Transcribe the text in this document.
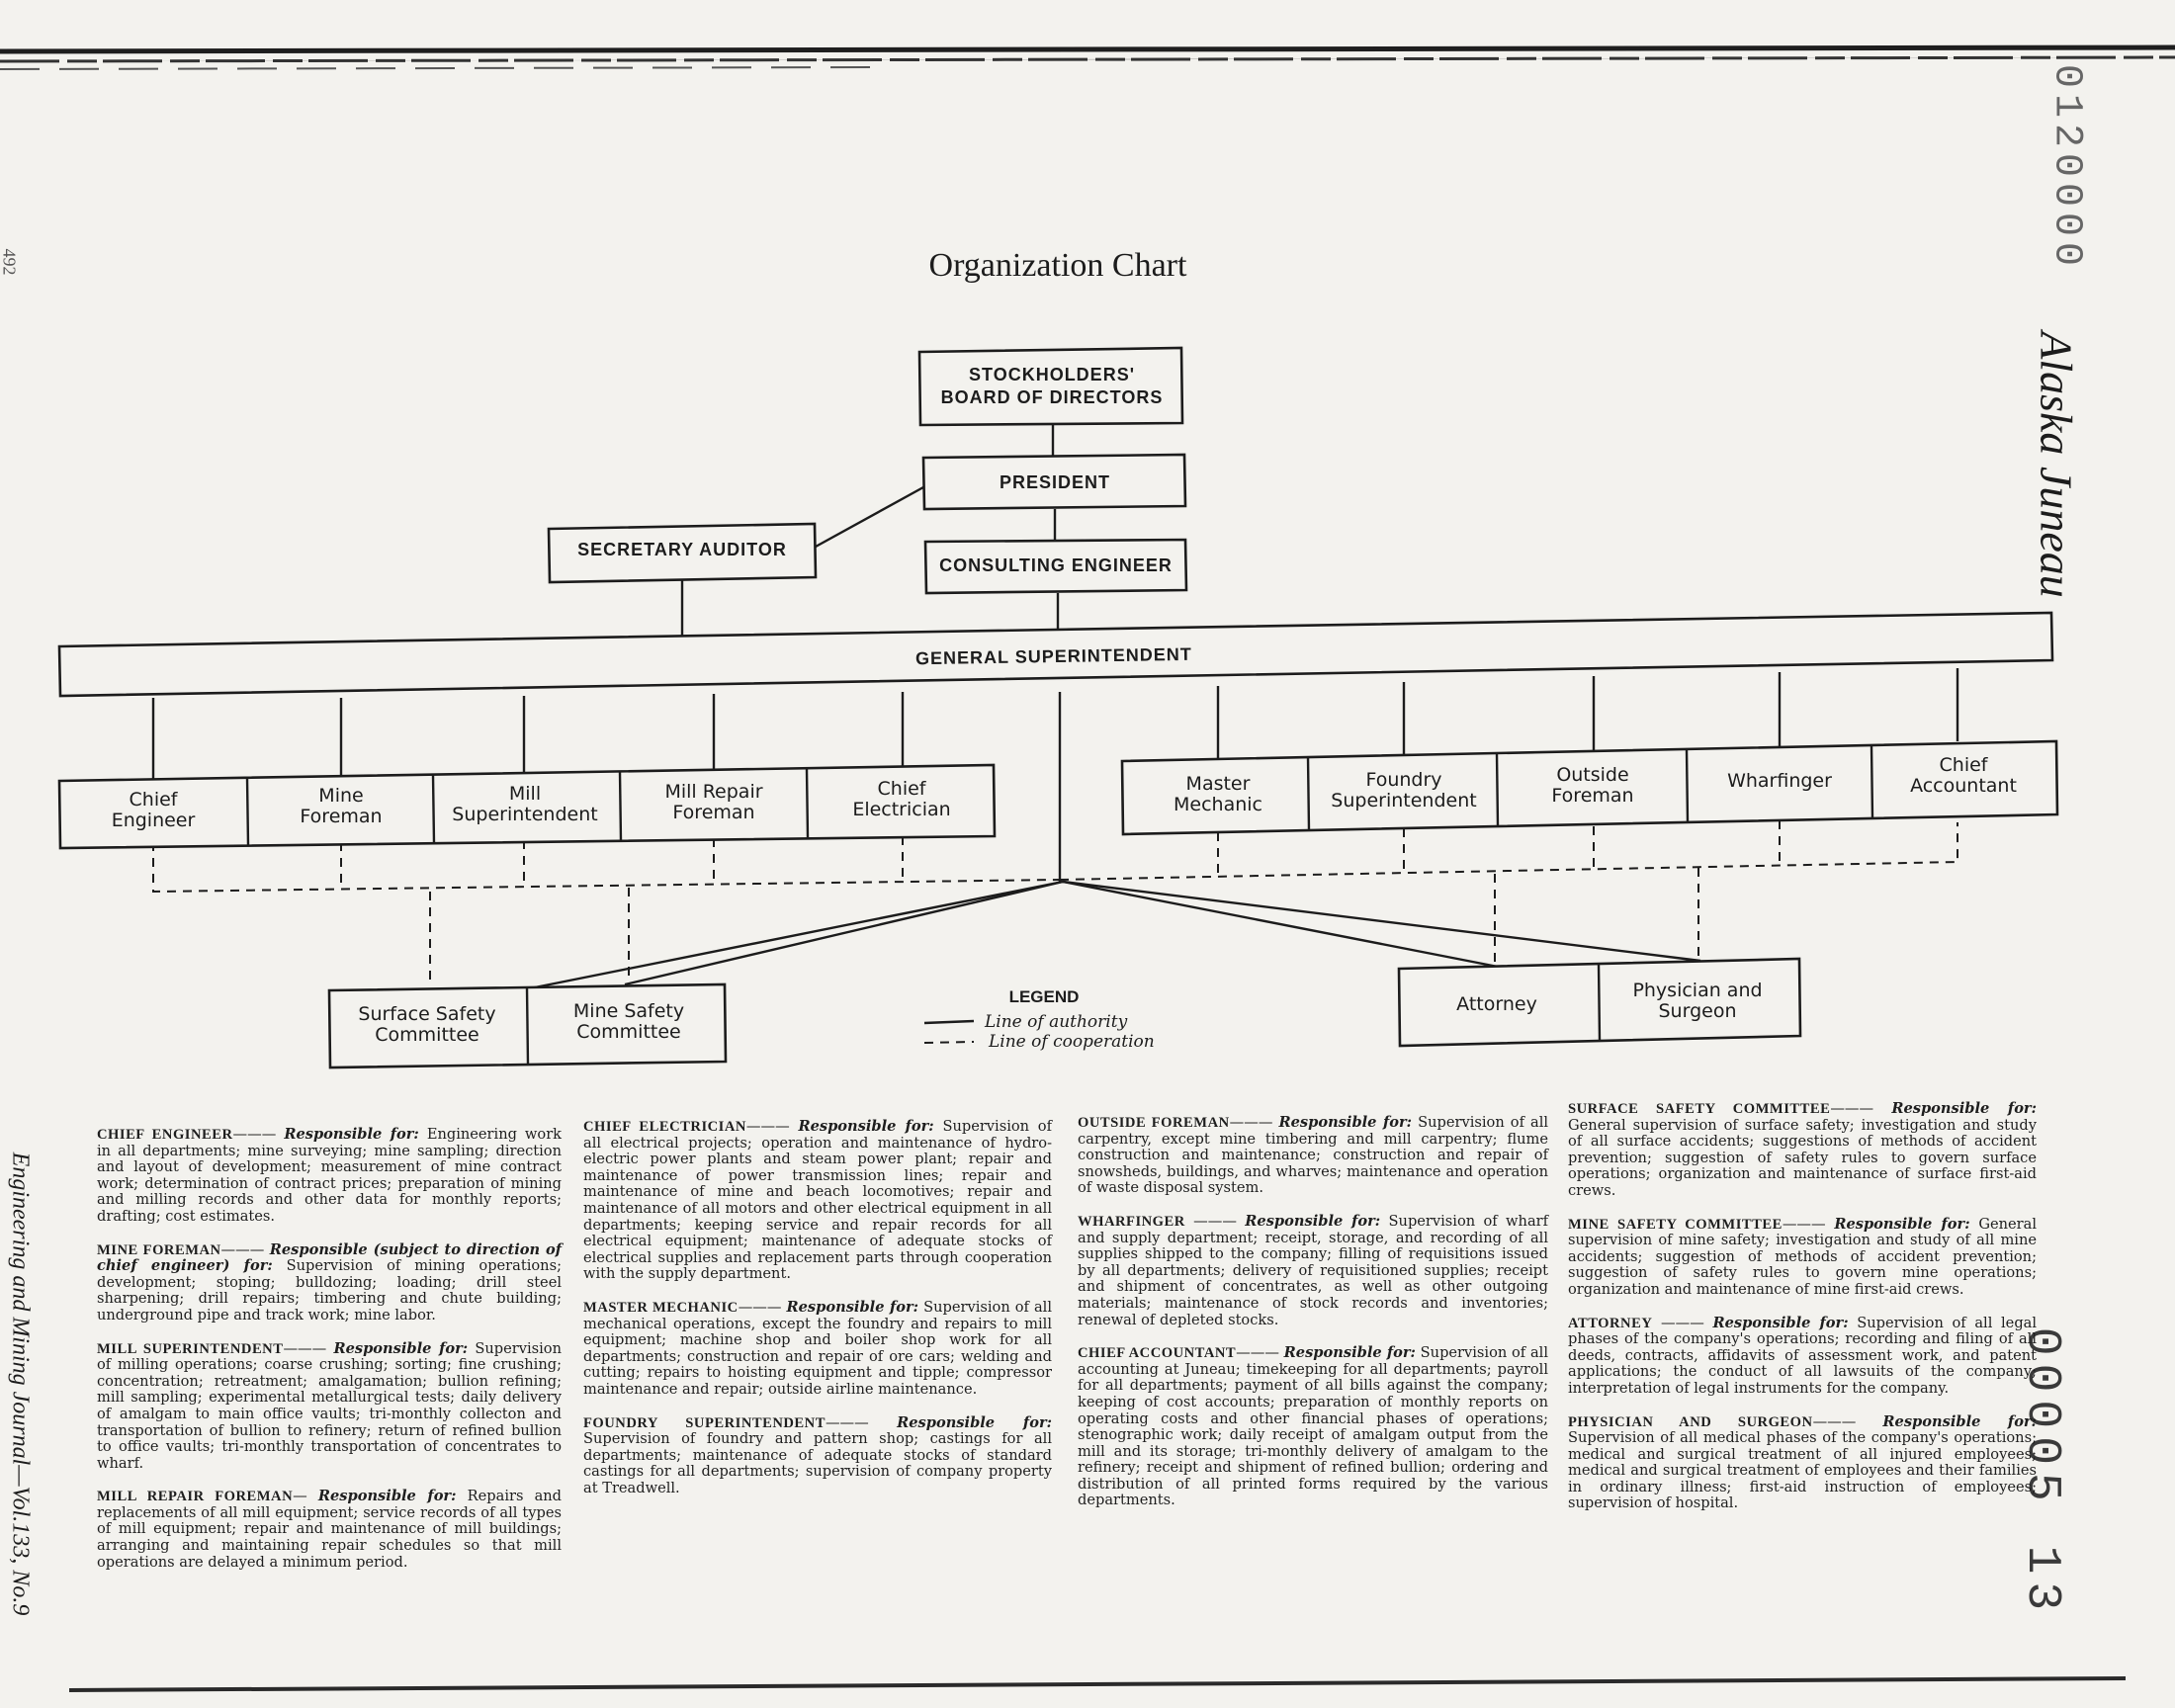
492	0120000
Alaska Juneau
Engineering and Mining Journal—Vol.133, No.9	00005 13
Organization Chart
STOCKHOLDERS'
BOARD OF DIRECTORS
PRESIDENT
SECRETARY AUDITOR
CONSULTING ENGINEER
GENERAL SUPERINTENDENT
Chief
Engineer
Mine
Foreman
Mill
Superintendent
Mill Repair
Foreman
Chief
Electrician
Master
Mechanic
Foundry
Superintendent
Outside
Foreman
Wharfinger
Chief
Accountant
Surface Safety
Committee
Mine Safety
Committee
Attorney
Physician and
Surgeon
LEGEND
Line of authority
Line of cooperation

CHIEF ENGINEER——— Responsible for: Engineering work in all departments; mine surveying; mine sampling; direction and layout of development; measurement of mine contract work; determination of contract prices; preparation of mining and milling records and other data for monthly reports; drafting; cost estimates.

MINE FOREMAN——— Responsible (subject to direction of chief engineer) for: Supervision of mining operations; development; stoping; bulldozing; loading; drill steel sharpening; drill repairs; timbering and chute building; underground pipe and track work; mine labor.

MILL SUPERINTENDENT——— Responsible for: Supervision of milling operations; coarse crushing; sorting; fine crushing; concentration; retreatment; amalgamation; bullion refining; mill sampling; experimental metallurgical tests; daily delivery of amalgam to main office vaults; tri-monthly collecton and transportation of bullion to refinery; return of refined bullion to office vaults; tri-monthly transportation of concentrates to wharf.

MILL REPAIR FOREMAN— Responsible for: Repairs and replacements of all mill equipment; service records of all types of mill equipment; repair and maintenance of mill buildings; arranging and maintaining repair schedules so that mill operations are delayed a minimum period.

CHIEF ELECTRICIAN——— Responsible for: Supervision of all electrical projects; operation and maintenance of hydro-electric power plants and steam power plant; repair and maintenance of power transmission lines; repair and maintenance of mine and beach locomotives; repair and maintenance of all motors and other electrical equipment in all departments; keeping service and repair records for all electrical equipment; maintenance of adequate stocks of electrical supplies and replacement parts through cooperation with the supply department.

MASTER MECHANIC——— Responsible for: Supervision of all mechanical operations, except the foundry and repairs to mill equipment; machine shop and boiler shop work for all departments; construction and repair of ore cars; welding and cutting; repairs to hoisting equipment and tipple; compressor maintenance and repair; outside airline maintenance.

FOUNDRY SUPERINTENDENT——— Responsible for: Supervision of foundry and pattern shop; castings for all departments; maintenance of adequate stocks of standard castings for all departments; supervision of company property at Treadwell.

OUTSIDE FOREMAN——— Responsible for: Supervision of all carpentry, except mine timbering and mill carpentry; flume construction and maintenance; construction and repair of snowsheds, buildings, and wharves; maintenance and operation of waste disposal system.

WHARFINGER ——— Responsible for: Supervision of wharf and supply department; receipt, storage, and recording of all supplies shipped to the company; filling of requisitions issued by all departments; delivery of requisitioned supplies; receipt and shipment of concentrates, as well as other outgoing materials; maintenance of stock records and inventories; renewal of depleted stocks.

CHIEF ACCOUNTANT——— Responsible for: Supervision of all accounting at Juneau; timekeeping for all departments; payroll for all departments; payment of all bills against the company; keeping of cost accounts; preparation of monthly reports on operating costs and other financial phases of operations; stenographic work; daily receipt of amalgam output from the mill and its storage; tri-monthly delivery of amalgam to the refinery; receipt and shipment of refined bullion; ordering and distribution of all printed forms required by the various departments.

SURFACE SAFETY COMMITTEE——— Responsible for: General supervision of surface safety; investigation and study of all surface accidents; suggestions of methods of accident prevention; suggestion of safety rules to govern surface operations; organization and maintenance of surface first-aid crews.

MINE SAFETY COMMITTEE——— Responsible for: General supervision of mine safety; investigation and study of all mine accidents; suggestion of methods of accident prevention; suggestion of safety rules to govern mine operations; organization and maintenance of mine first-aid crews.

ATTORNEY ——— Responsible for: Supervision of all legal phases of the company's operations; recording and filing of all deeds, contracts, affidavits of assessment work, and patent applications; the conduct of all lawsuits of the company; interpretation of legal instruments for the company.

PHYSICIAN AND SURGEON——— Responsible for: Supervision of all medical phases of the company's operations; medical and surgical treatment of all injured employees; medical and surgical treatment of employees and their families in ordinary illness; first-aid instruction of employees; supervision of hospital.
